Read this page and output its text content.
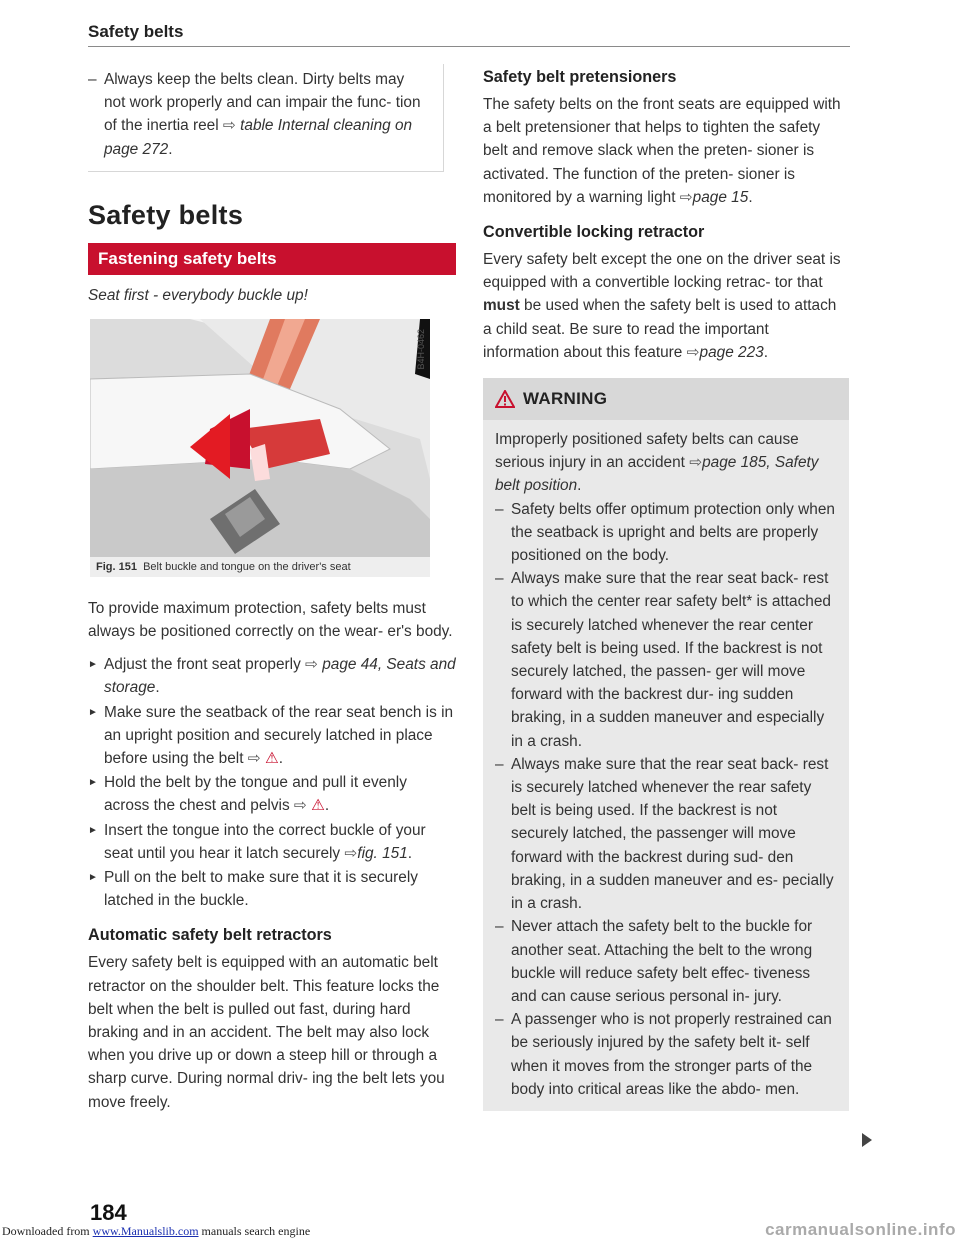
Safety belts
– Always keep the belts clean. Dirty belts may not work properly and can impair the func- tion of the inertia reel ⇨ table Internal cleaning on page 272.
Safety belts
Fastening safety belts

Seat first - everybody buckle up!

B4H-0462
Fig. 151 Belt buckle and tongue on the driver's seat

To provide maximum protection, safety belts must always be positioned correctly on the wear- er's body.

► Adjust the front seat properly ⇨ page 44, Seats and storage.
► Make sure the seatback of the rear seat bench is in an upright position and securely latched in place before using the belt ⇨ ⚠.
► Hold the belt by the tongue and pull it evenly across the chest and pelvis ⇨ ⚠.
► Insert the tongue into the correct buckle of your seat until you hear it latch securely ⇨fig. 151.
► Pull on the belt to make sure that it is securely latched in the buckle.
Automatic safety belt retractors

Every safety belt is equipped with an automatic belt retractor on the shoulder belt. This feature locks the belt when the belt is pulled out fast, during hard braking and in an accident. The belt may also lock when you drive up or down a steep hill or through a sharp curve. During normal driv- ing the belt lets you move freely.

Safety belt pretensioners

The safety belts on the front seats are equipped with a belt pretensioner that helps to tighten the safety belt and remove slack when the preten- sioner is activated. The function of the preten- sioner is monitored by a warning light ⇨page 15.

Convertible locking retractor

Every safety belt except the one on the driver seat is equipped with a convertible locking retrac- tor that must be used when the safety belt is used to attach a child seat. Be sure to read the important information about this feature ⇨page 223.

WARNING

Improperly positioned safety belts can cause serious injury in an accident ⇨page 185, Safety belt position.

– Safety belts offer optimum protection only when the seatback is upright and belts are properly positioned on the body.
– Always make sure that the rear seat back- rest to which the center rear safety belt* is attached is securely latched whenever the rear center safety belt is being used. If the backrest is not securely latched, the passen- ger will move forward with the backrest dur- ing sudden braking, in a sudden maneuver and especially in a crash.
– Always make sure that the rear seat back- rest is securely latched whenever the rear safety belt is being used. If the backrest is not securely latched, the passenger will move forward with the backrest during sud- den braking, in a sudden maneuver and es- pecially in a crash.
– Never attach the safety belt to the buckle for another seat. Attaching the belt to the wrong buckle will reduce safety belt effec- tiveness and can cause serious personal in- jury.
– A passenger who is not properly restrained can be seriously injured by the safety belt it- self when it moves from the stronger parts of the body into critical areas like the abdo- men.
184
Downloaded from www.Manualslib.com manuals search engine	carmanualsonline.info
